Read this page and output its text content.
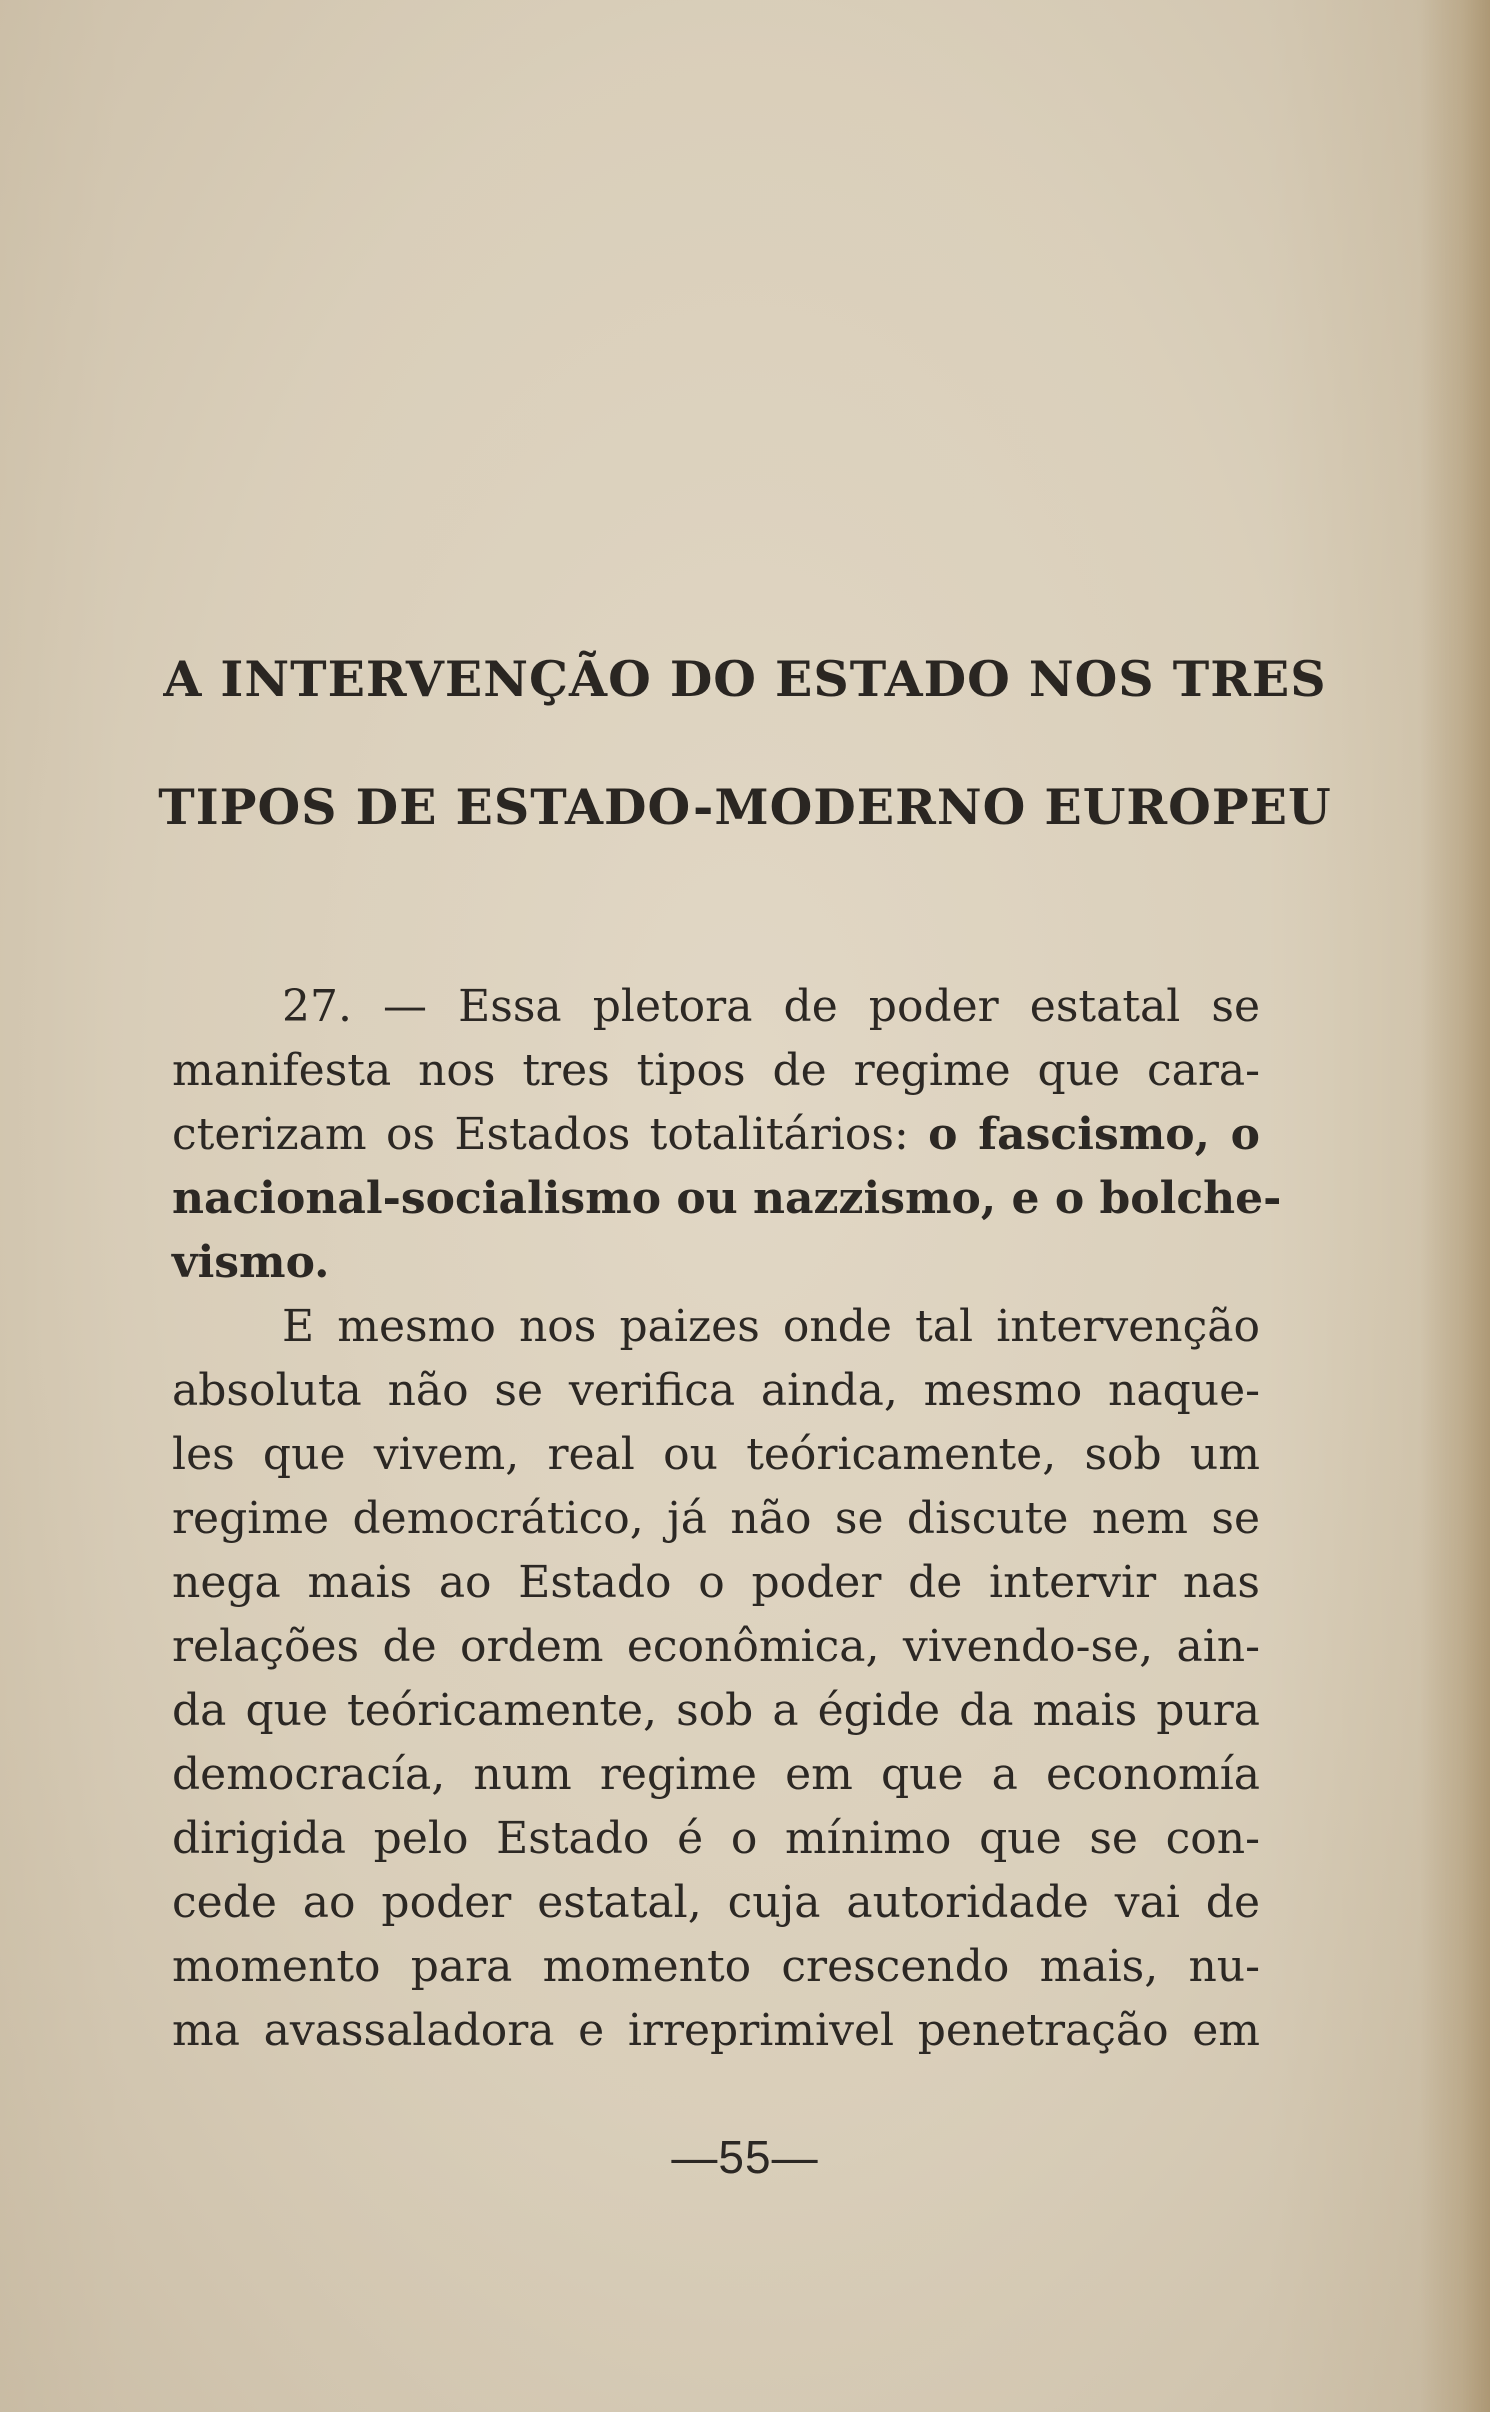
A INTERVENÇÃO DO ESTADO NOS TRES
TIPOS DE ESTADO-MODERNO EUROPEU
27. — Essa pletora de poder estatal se
manifesta nos tres tipos de regime que cara-
cterizam os Estados totalitários: o fascismo, o
nacional-socialismo ou nazzismo, e o bolche-
vismo.
E mesmo nos paizes onde tal intervenção
absoluta não se verifica ainda, mesmo naque-
les que vivem, real ou teóricamente, sob um
regime democrático, já não se discute nem se
nega mais ao Estado o poder de intervir nas
relações de ordem econômica, vivendo-se, ain-
da que teóricamente, sob a égide da mais pura
democracía, num regime em que a economía
dirigida pelo Estado é o mínimo que se con-
cede ao poder estatal, cuja autoridade vai de
momento para momento crescendo mais, nu-
ma avassaladora e irreprimivel penetração em
—55—
